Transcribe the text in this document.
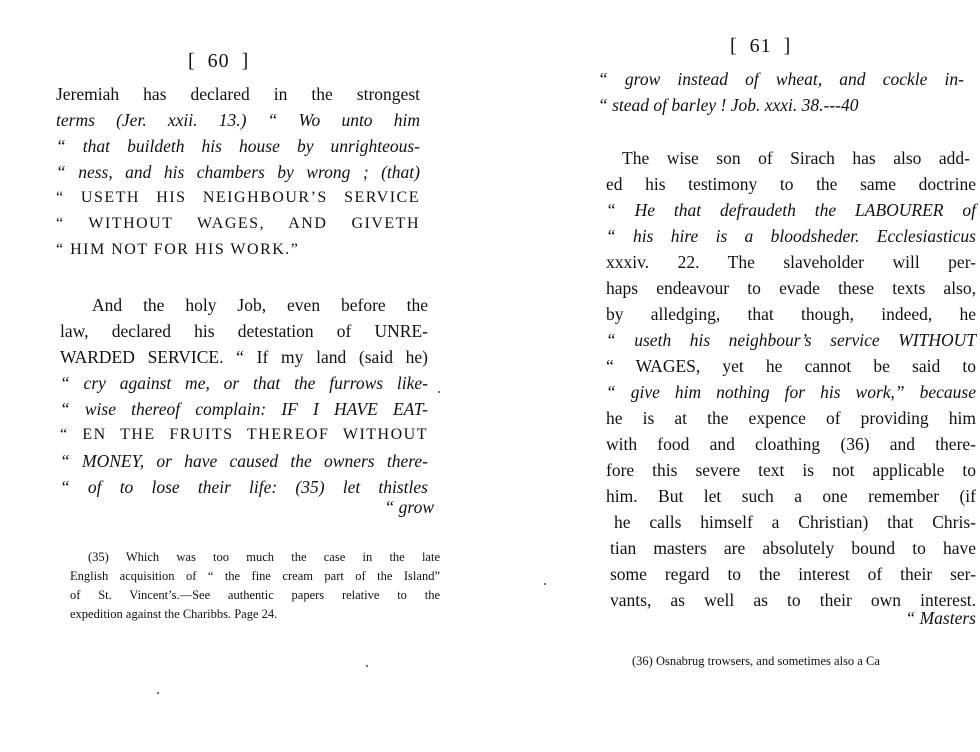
[  60  ]
Jeremiah has declared in the strongest
terms (Jer. xxii. 13.) “ Wo unto him
“ that buildeth his house by unrighteous-
“ ness, and his chambers by wrong ; (that)
“ USETH HIS NEIGHBOUR’S SERVICE
“ WITHOUT WAGES, AND GIVETH
“ HIM NOT FOR HIS WORK.”
And the holy Job, even before the
law, declared his detestation of UNRE-
WARDED SERVICE. “ If my land (said he)
“ cry against me, or that the furrows like-
“ wise thereof complain: IF I HAVE EAT-
“ EN THE FRUITS THEREOF WITHOUT
“ MONEY, or have caused the owners there-
“ of to lose their life: (35) let thistles
“ grow
(35) Which was too much the case in the late
English acquisition of “ the fine cream part of the Island”
of St. Vincent’s.—See authentic papers relative to the
expedition against the Charibbs. Page 24.
[  61  ]
“ grow instead of wheat, and cockle in-
“ stead of barley ! Job. xxxi. 38.---40
The wise son of Sirach has also add-
ed his testimony to the same doctrine
“ He that defraudeth the LABOURER of
“ his hire is a bloodsheder. Ecclesiasticus
xxxiv. 22. The slaveholder will per-
haps endeavour to evade these texts also,
by alledging, that though, indeed, he
“ useth his neighbour’s service WITHOUT
“ WAGES, yet he cannot be said to
“ give him nothing for his work,” because
he is at the expence of providing him
with food and cloathing (36) and there-
fore this severe text is not applicable to
him. But let such a one remember (if
he calls himself a Christian) that Chris-
tian masters are absolutely bound to have
some regard to the interest of their ser-
vants, as well as to their own interest.
“ Masters
(36) Osnabrug trowsers, and sometimes also a Ca
